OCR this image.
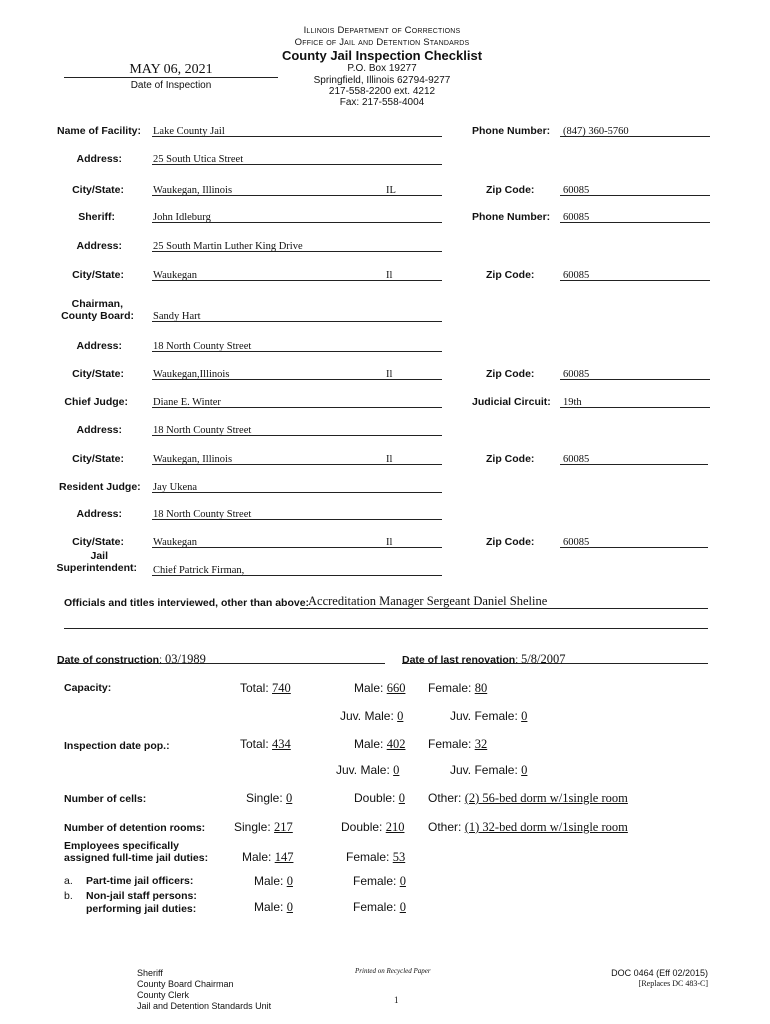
Illinois Department of Corrections
Office of Jail and Detention Standards
County Jail Inspection Checklist
P.O. Box 19277
Springfield, Illinois 62794-9277
217-558-2200 ext. 4212
Fax: 217-558-4004
MAY 06, 2021
Date of Inspection
Name of Facility: Lake County Jail	Phone Number: (847) 360-5760
Address:	25 South Utica Street
City/State:	Waukegan, Illinois	IL	Zip Code:	60085
Sheriff:	John Idleburg	Phone Number: 60085
Address:	25 South Martin Luther King Drive
City/State:	Waukegan	Il	Zip Code:	60085
Chairman,
County Board: Sandy Hart
Address:	18 North County Street
City/State:	Waukegan,Illinois	Il	Zip Code:	60085
Chief Judge: Diane E. Winter	Judicial Circuit: 19th
Address:	18 North County Street
City/State:	Waukegan, Illinois	Il	Zip Code:	60085
Resident Judge: Jay Ukena
Address:	18 North County Street
City/State:	Waukegan	Il	Zip Code:	60085
Jail
Superintendent: Chief Patrick Firman,
Officials and titles interviewed, other than above:
Accreditation Manager Sergeant Daniel Sheline
Date of construction: 03/1989	Date of last renovation: 5/8/2007
Capacity:	Total: 740	Male: 660 Female: 80
Juv. Male: 0	Juv. Female: 0
Inspection date pop.:	Total: 434	Male: 402 Female: 32
Juv. Male: 0	Juv. Female: 0
Number of cells:	Single: 0	Double: 0 Other: (2) 56-bed dorm w/1single room
Number of detention rooms: Single: 217	Double: 210 Other: (1) 32-bed dorm w/1single room
Employees specifically
assigned full-time jail duties:	Male: 147	Female: 53
a. Part-time jail officers:	Male: 0	Female: 0
b. Non-jail staff persons:
performing jail duties:	Male: 0	Female: 0
Sheriff
County Board Chairman
County Clerk
Jail and Detention Standards Unit
Printed on Recycled Paper
1
DOC 0464 (Eff 02/2015)
[Replaces DC 483-C]
